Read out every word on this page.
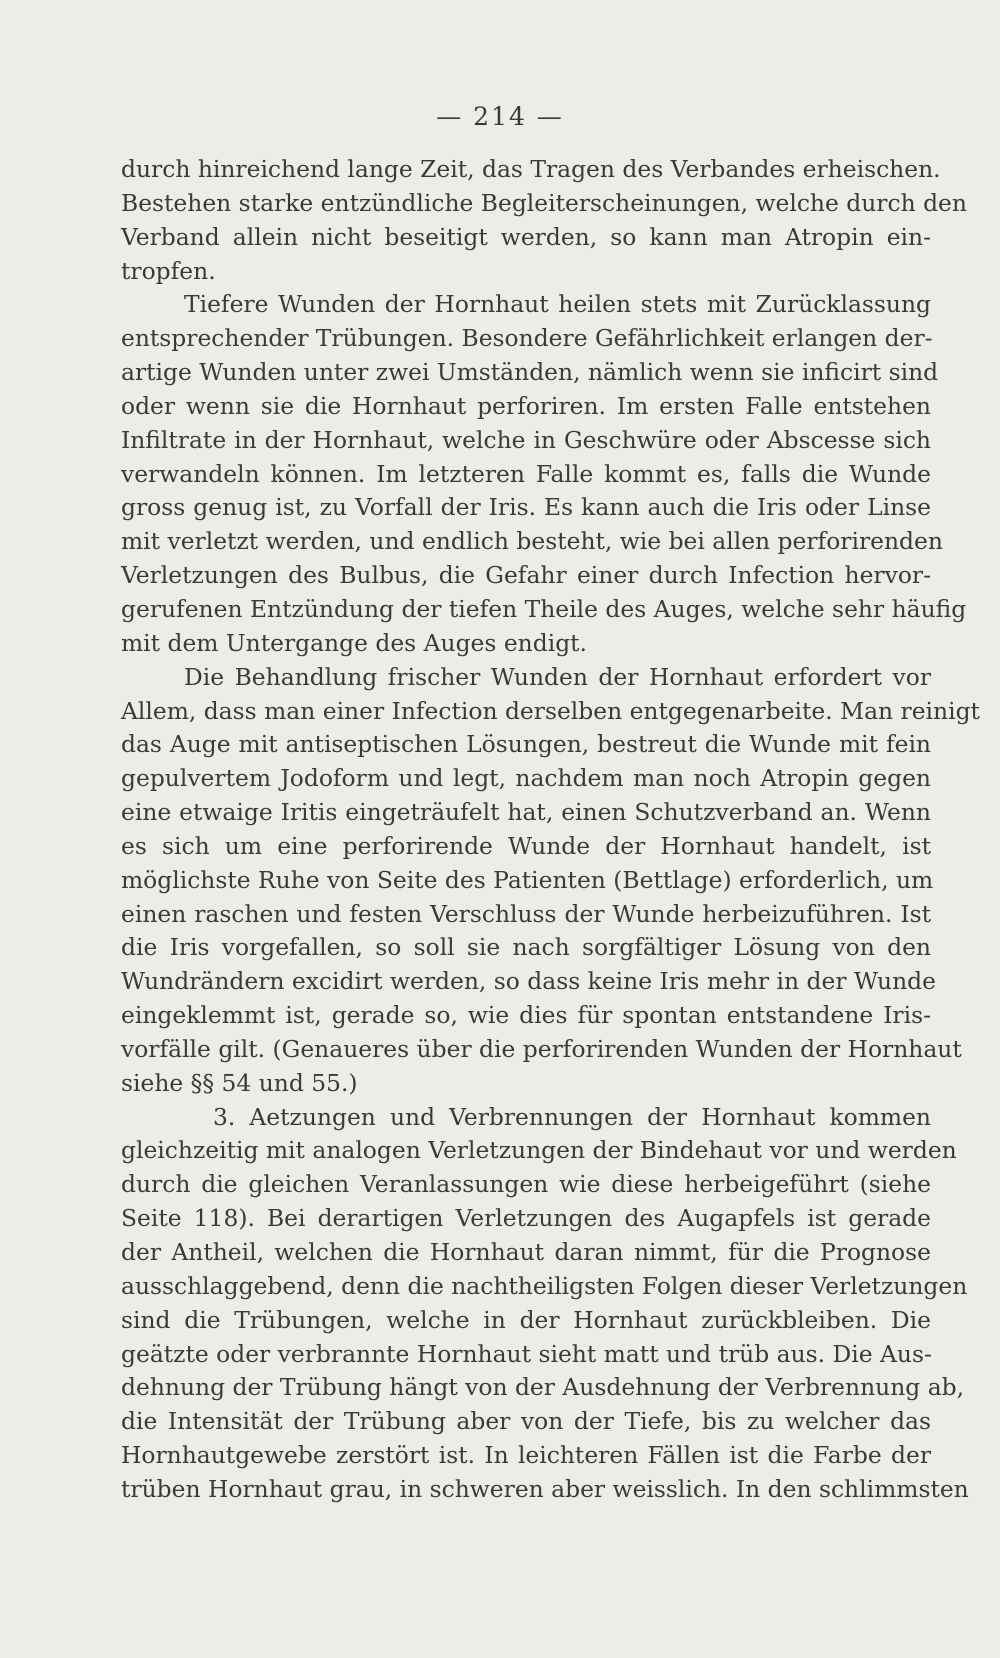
— 214 —
durch hinreichend lange Zeit, das Tragen des Verbandes erheischen.
Bestehen starke entzündliche Begleiterscheinungen, welche durch den
Verband allein nicht beseitigt werden, so kann man Atropin ein-
tropfen.
Tiefere Wunden der Hornhaut heilen stets mit Zurücklassung
entsprechender Trübungen. Besondere Gefährlichkeit erlangen der-
artige Wunden unter zwei Umständen, nämlich wenn sie inficirt sind
oder wenn sie die Hornhaut perforiren. Im ersten Falle entstehen
Infiltrate in der Hornhaut, welche in Geschwüre oder Abscesse sich
verwandeln können. Im letzteren Falle kommt es, falls die Wunde
gross genug ist, zu Vorfall der Iris. Es kann auch die Iris oder Linse
mit verletzt werden, und endlich besteht, wie bei allen perforirenden
Verletzungen des Bulbus, die Gefahr einer durch Infection hervor-
gerufenen Entzündung der tiefen Theile des Auges, welche sehr häufig
mit dem Untergange des Auges endigt.
Die Behandlung frischer Wunden der Hornhaut erfordert vor
Allem, dass man einer Infection derselben entgegenarbeite. Man reinigt
das Auge mit antiseptischen Lösungen, bestreut die Wunde mit fein
gepulvertem Jodoform und legt, nachdem man noch Atropin gegen
eine etwaige Iritis eingeträufelt hat, einen Schutzverband an. Wenn
es sich um eine perforirende Wunde der Hornhaut handelt, ist
möglichste Ruhe von Seite des Patienten (Bettlage) erforderlich, um
einen raschen und festen Verschluss der Wunde herbeizuführen. Ist
die Iris vorgefallen, so soll sie nach sorgfältiger Lösung von den
Wundrändern excidirt werden, so dass keine Iris mehr in der Wunde
eingeklemmt ist, gerade so, wie dies für spontan entstandene Iris-
vorfälle gilt. (Genaueres über die perforirenden Wunden der Hornhaut
siehe §§ 54 und 55.)
3. Aetzungen und Verbrennungen der Hornhaut kommen
gleichzeitig mit analogen Verletzungen der Bindehaut vor und werden
durch die gleichen Veranlassungen wie diese herbeigeführt (siehe
Seite 118). Bei derartigen Verletzungen des Augapfels ist gerade
der Antheil, welchen die Hornhaut daran nimmt, für die Prognose
ausschlaggebend, denn die nachtheiligsten Folgen dieser Verletzungen
sind die Trübungen, welche in der Hornhaut zurückbleiben. Die
geätzte oder verbrannte Hornhaut sieht matt und trüb aus. Die Aus-
dehnung der Trübung hängt von der Ausdehnung der Verbrennung ab,
die Intensität der Trübung aber von der Tiefe, bis zu welcher das
Hornhautgewebe zerstört ist. In leichteren Fällen ist die Farbe der
trüben Hornhaut grau, in schweren aber weisslich. In den schlimmsten
